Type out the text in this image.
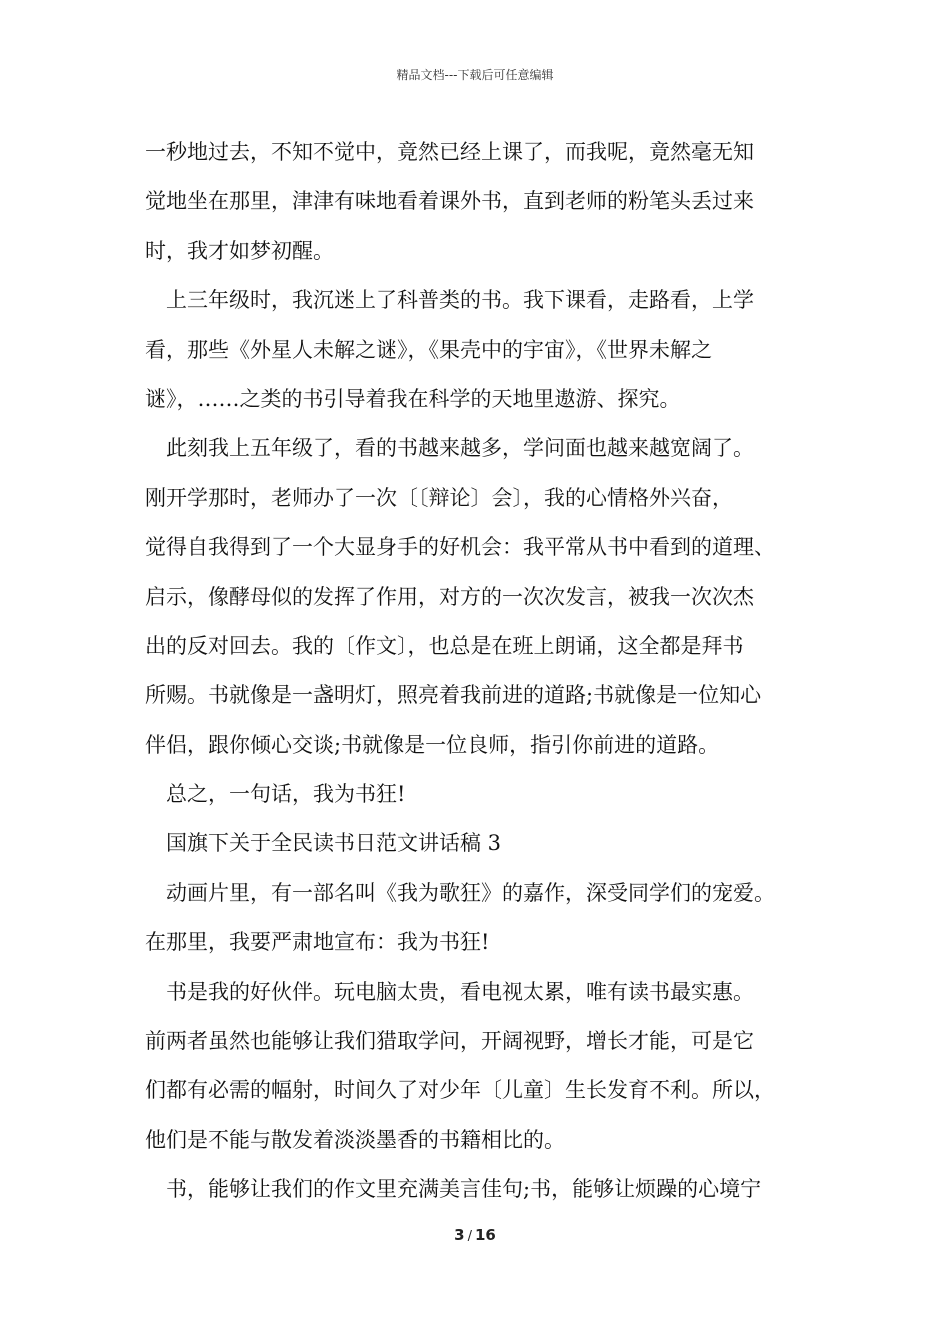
精品文档---下载后可任意编辑
一秒地过去，不知不觉中，竟然已经上课了，而我呢，竟然毫无知
觉地坐在那里，津津有味地看着课外书，直到老师的粉笔头丢过来
时，我才如梦初醒。
上三年级时，我沉迷上了科普类的书。我下课看，走路看，上学
看，那些《外星人未解之谜》，《果壳中的宇宙》，《世界未解之
谜》，……之类的书引导着我在科学的天地里遨游、探究。
此刻我上五年级了，看的书越来越多，学问面也越来越宽阔了。
刚开学那时，老师办了一次〔〔辩论〕会〕，我的心情格外兴奋，
觉得自我得到了一个大显身手的好机会：我平常从书中看到的道理、
启示，像酵母似的发挥了作用，对方的一次次发言，被我一次次杰
出的反对回去。我的〔作文〕，也总是在班上朗诵，这全都是拜书
所赐。书就像是一盏明灯，照亮着我前进的道路;书就像是一位知心
伴侣，跟你倾心交谈;书就像是一位良师，指引你前进的道路。
总之，一句话，我为书狂!
国旗下关于全民读书日范文讲话稿 3
动画片里，有一部名叫《我为歌狂》的嘉作，深受同学们的宠爱。
在那里，我要严肃地宣布：我为书狂!
书是我的好伙伴。玩电脑太贵，看电视太累，唯有读书最实惠。
前两者虽然也能够让我们猎取学问，开阔视野，增长才能，可是它
们都有必需的幅射，时间久了对少年〔儿童〕生长发育不利。所以，
他们是不能与散发着淡淡墨香的书籍相比的。
书，能够让我们的作文里充满美言佳句;书，能够让烦躁的心境宁
3 / 16
